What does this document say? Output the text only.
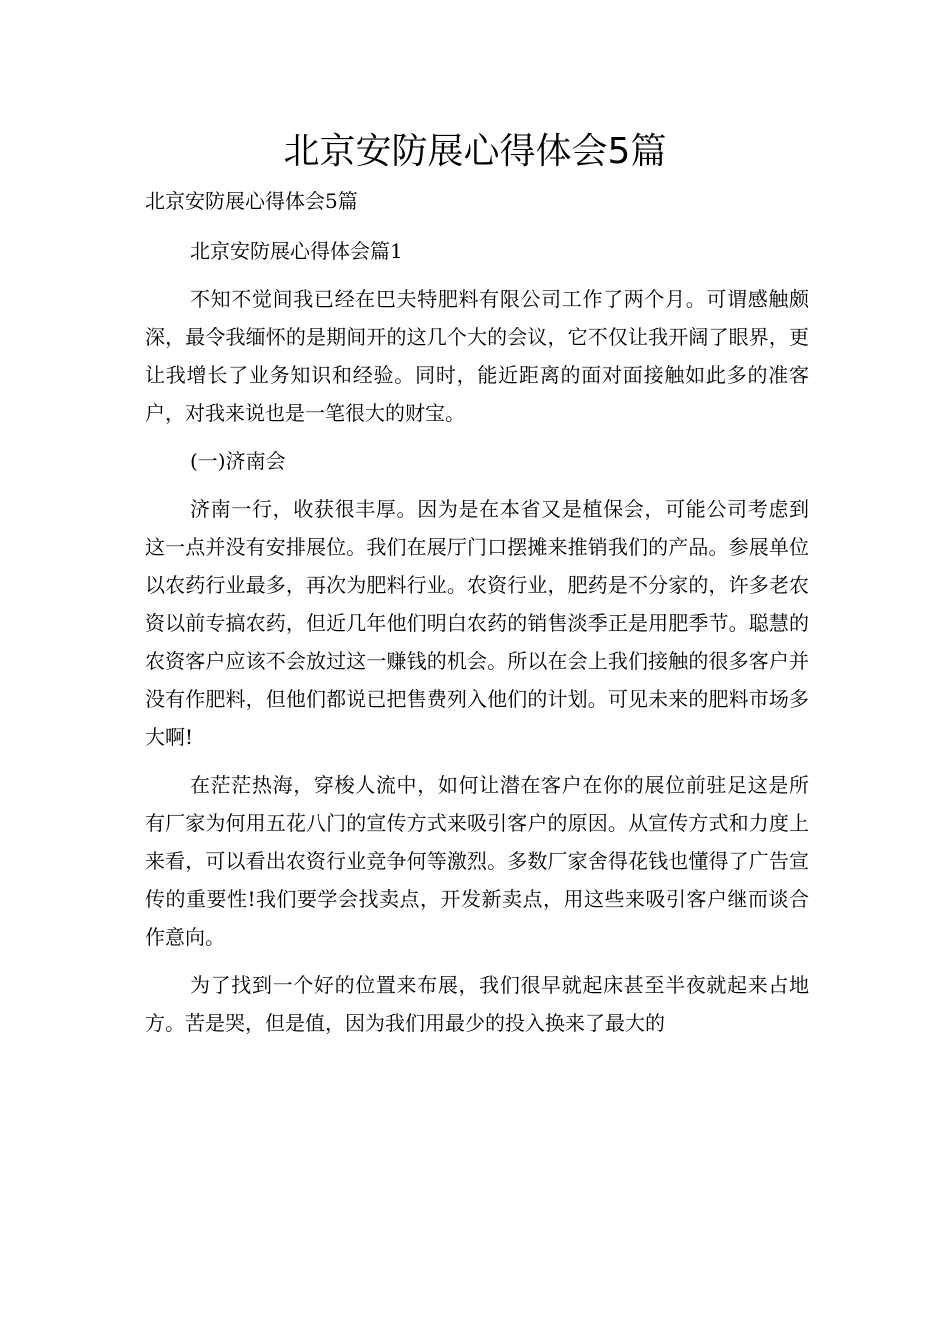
北京安防展心得体会5篇

北京安防展心得体会5篇

北京安防展心得体会篇1

不知不觉间我已经在巴夫特肥料有限公司工作了两个月。可谓感触颇深，最令我缅怀的是期间开的这几个大的会议，它不仅让我开阔了眼界，更让我增长了业务知识和经验。同时，能近距离的面对面接触如此多的准客户，对我来说也是一笔很大的财宝。

(一)济南会

济南一行，收获很丰厚。因为是在本省又是植保会，可能公司考虑到这一点并没有安排展位。我们在展厅门口摆摊来推销我们的产品。参展单位以农药行业最多，再次为肥料行业。农资行业，肥药是不分家的，许多老农资以前专搞农药，但近几年他们明白农药的销售淡季正是用肥季节。聪慧的农资客户应该不会放过这一赚钱的机会。所以在会上我们接触的很多客户并没有作肥料，但他们都说已把售费列入他们的计划。可见未来的肥料市场多大啊!

在茫茫热海，穿梭人流中，如何让潜在客户在你的展位前驻足这是所有厂家为何用五花八门的宣传方式来吸引客户的原因。从宣传方式和力度上来看，可以看出农资行业竞争何等激烈。多数厂家舍得花钱也懂得了广告宣传的重要性!我们要学会找卖点，开发新卖点，用这些来吸引客户继而谈合作意向。

为了找到一个好的位置来布展，我们很早就起床甚至半夜就起来占地方。苦是哭，但是值，因为我们用最少的投入换来了最大的
